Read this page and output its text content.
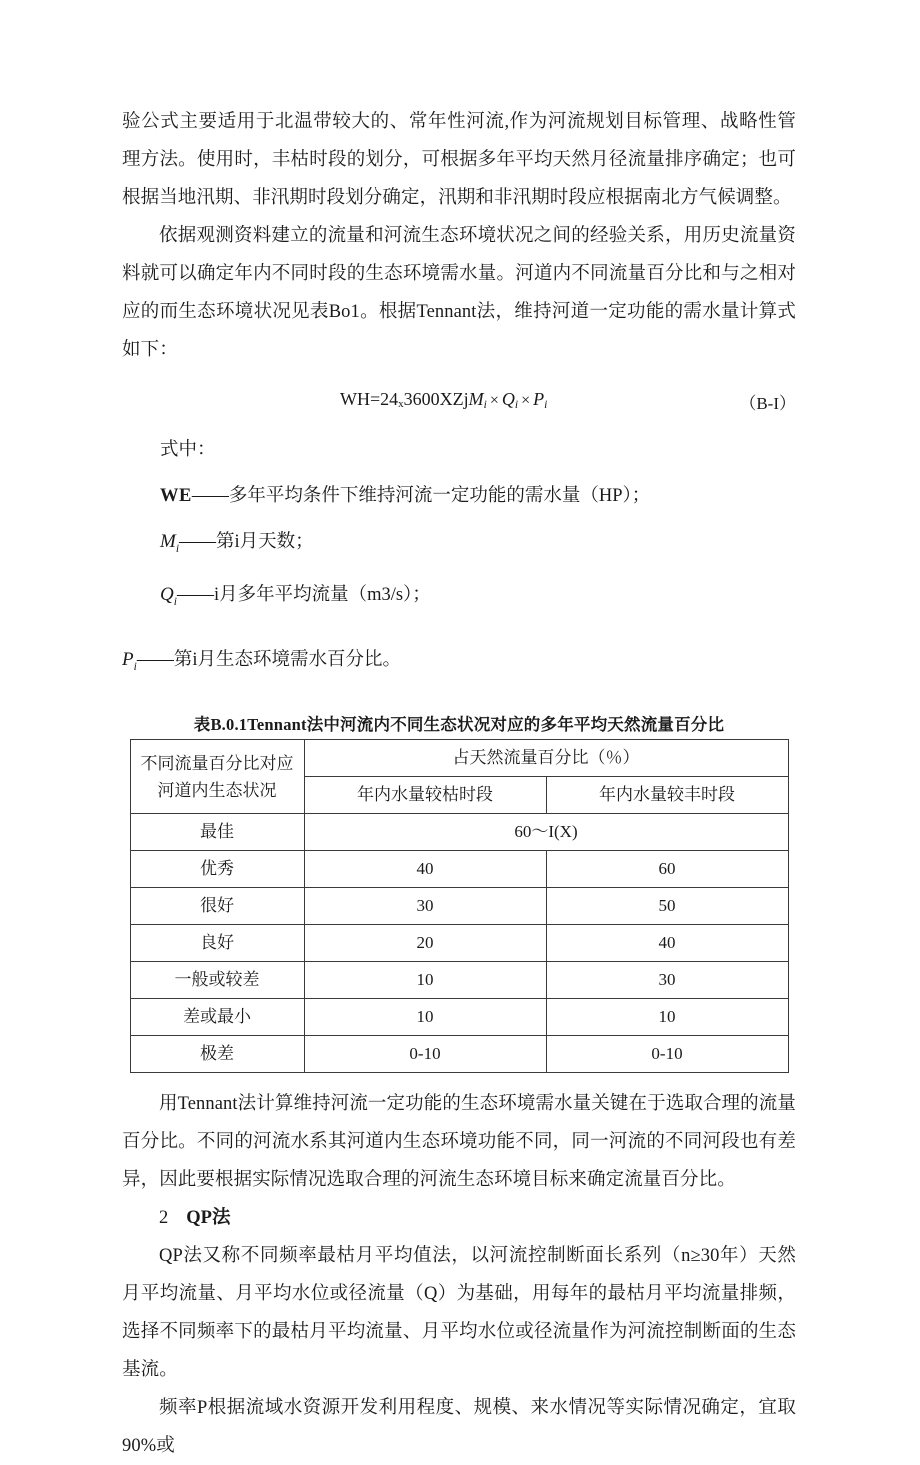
验公式主要适用于北温带较大的、常年性河流,作为河流规划目标管理、战略性管理方法。使用时，丰枯时段的划分，可根据多年平均天然月径流量排序确定；也可根据当地汛期、非汛期时段划分确定，汛期和非汛期时段应根据南北方气候调整。

依据观测资料建立的流量和河流生态环境状况之间的经验关系，用历史流量资料就可以确定年内不同时段的生态环境需水量。河道内不同流量百分比和与之相对应的而生态环境状况见表Bo1。根据Tennant法，维持河道一定功能的需水量计算式如下：

WH=24x3600XZjM$_i$ × $Q_i \times P_i$	（B-I）
式中：
WE——多年平均条件下维持河流一定功能的需水量（HP）；
$M_i——$第i月天数；
$Q_i——i$月多年平均流量（m3/s）；
$P_i——$第i月生态环境需水百分比。
表B.0.1Tennant法中河流内不同生态状况对应的多年平均天然流量百分比
不同流量百分比对应河道内生态状况	占天然流量百分比（％）	
	年内水量较枯时段	年内水量较丰时段
最佳	60～I(X)	
优秀	40	60
很好	30	50
良好	20	40
一般或较差	10	30
差或最小	10	10
极差	0-10	0-10

用Tennant法计算维持河流一定功能的生态环境需水量关键在于选取合理的流量百分比。不同的河流水系其河道内生态环境功能不同，同一河流的不同河段也有差异，因此要根据实际情况选取合理的河流生态环境目标来确定流量百分比。

2 QP法

QP法又称不同频率最枯月平均值法，以河流控制断面长系列（n≥30年）天然月平均流量、月平均水位或径流量（Q）为基础，用每年的最枯月平均流量排频，选择不同频率下的最枯月平均流量、月平均水位或径流量作为河流控制断面的生态基流。

频率P根据流域水资源开发利用程度、规模、来水情况等实际情况确定，宜取90%或
